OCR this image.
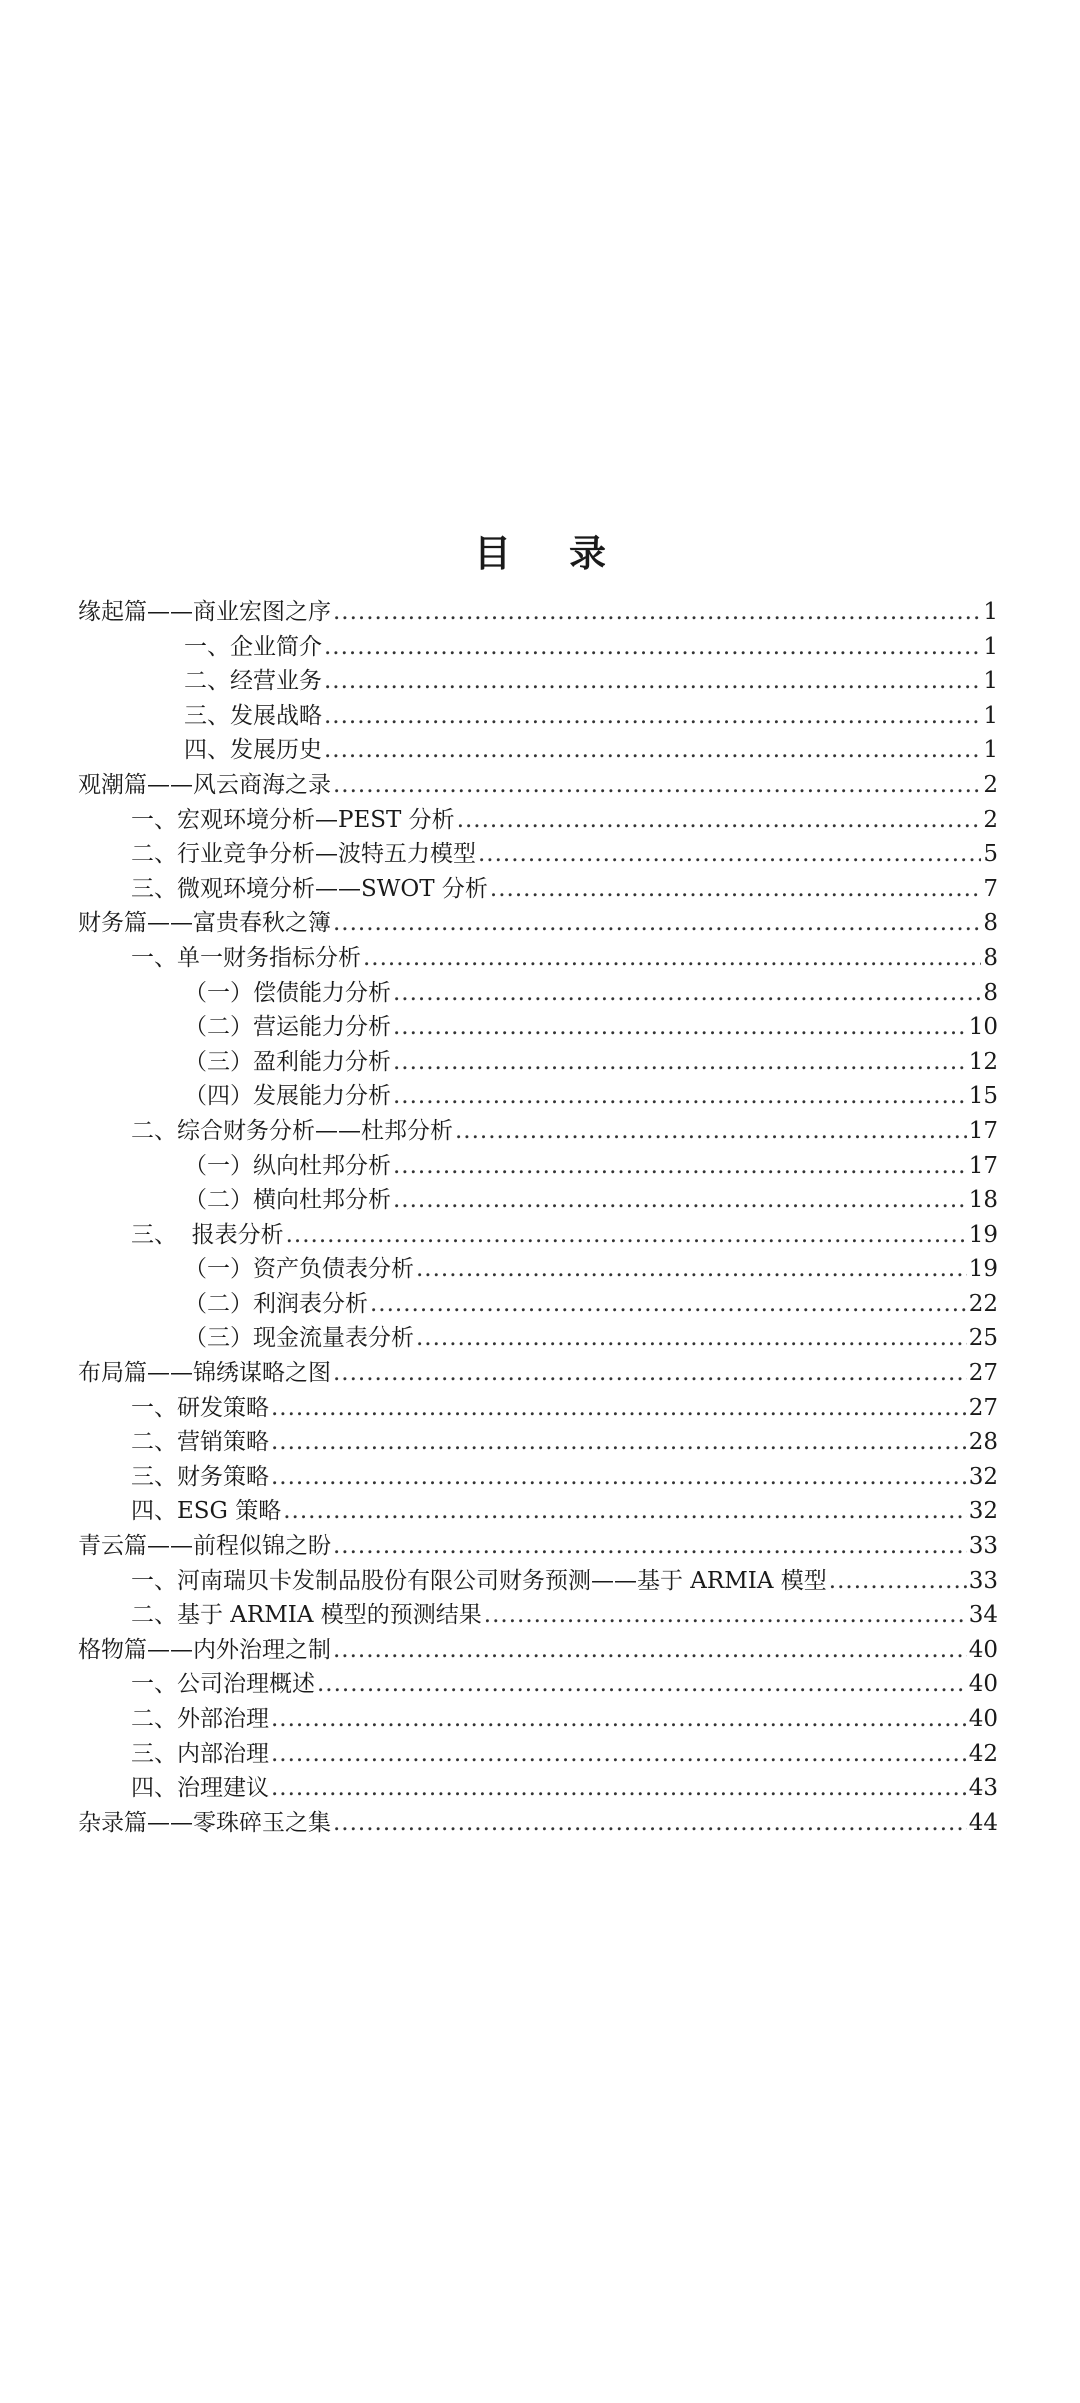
目录
缘起篇——商业宏图之序 .....	1
一、企业简介 .....	1
二、经营业务 .....	1
三、发展战略 .....	1
四、发展历史 .....	1
观潮篇——风云商海之录 .....	2
一、宏观环境分析—PEST 分析 .....	2
二、行业竞争分析—波特五力模型 .....	5
三、微观环境分析——SWOT 分析 .....	7
财务篇——富贵春秋之簿 .....	8
一、单一财务指标分析 .....	8
（一）偿债能力分析 .....	8
（二）营运能力分析 .....	10
（三）盈利能力分析 .....	12
（四）发展能力分析 .....	15
二、综合财务分析——杜邦分析 .....	17
（一）纵向杜邦分析 .....	17
（二）横向杜邦分析 .....	18
三、  报表分析 .....	19
（一）资产负债表分析 .....	19
（二）利润表分析 .....	22
（三）现金流量表分析 .....	25
布局篇——锦绣谋略之图 .....	27
一、研发策略 .....	27
二、营销策略 .....	28
三、财务策略 .....	32
四、ESG 策略 .....	32
青云篇——前程似锦之盼 .....	33
一、河南瑞贝卡发制品股份有限公司财务预测——基于 ARMIA 模型 .....	33
二、基于 ARMIA 模型的预测结果 .....	34
格物篇——内外治理之制 .....	40
一、公司治理概述 .....	40
二、外部治理 .....	40
三、内部治理 .....	42
四、治理建议 .....	43
杂录篇——零珠碎玉之集 .....	44
